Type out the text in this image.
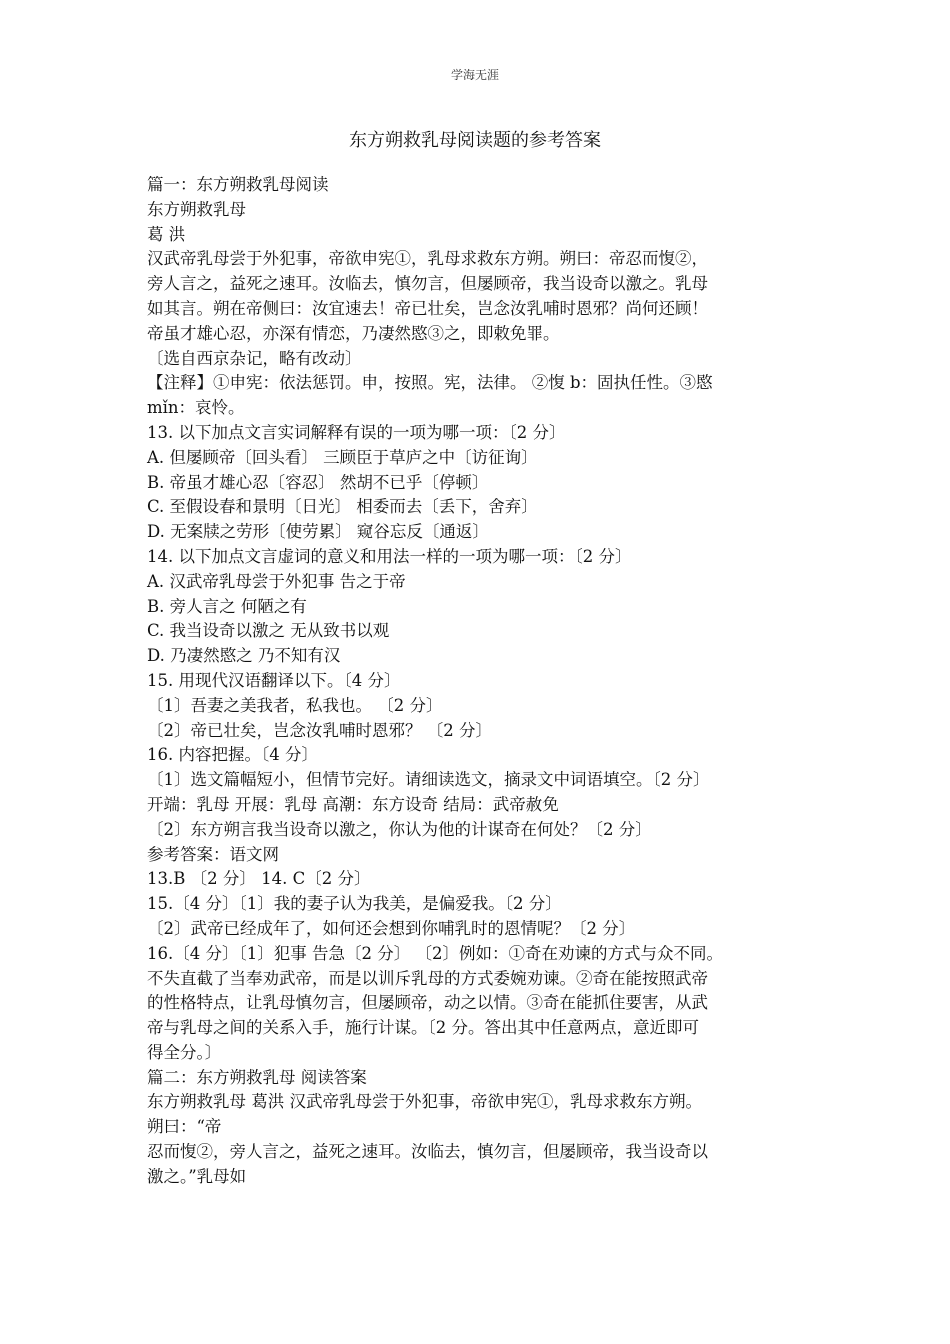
学海无涯
东方朔救乳母阅读题的参考答案
篇一：东方朔救乳母阅读
东方朔救乳母
葛 洪
汉武帝乳母尝于外犯事，帝欲申宪①，乳母求救东方朔。朔曰：帝忍而愎②，
旁人言之，益死之速耳。汝临去，慎勿言，但屡顾帝，我当设奇以激之。乳母
如其言。朔在帝侧曰：汝宜速去！帝已壮矣，岂念汝乳哺时恩邪？尚何还顾！
帝虽才雄心忍，亦深有情恋，乃凄然愍③之，即敕免罪。
〔选自西京杂记，略有改动〕
【注释】①申宪：依法惩罚。申，按照。宪，法律。 ②愎 b：固执任性。③愍
mǐn：哀怜。
13. 以下加点文言实词解释有误的一项为哪一项：〔2 分〕
A. 但屡顾帝〔回头看〕 三顾臣于草庐之中〔访征询〕
B. 帝虽才雄心忍〔容忍〕 然胡不已乎〔停顿〕
C. 至假设春和景明〔日光〕 相委而去〔丢下，舍弃〕
D. 无案牍之劳形〔使劳累〕 窥谷忘反〔通返〕
14. 以下加点文言虚词的意义和用法一样的一项为哪一项：〔2 分〕
A. 汉武帝乳母尝于外犯事 告之于帝
B. 旁人言之 何陋之有
C. 我当设奇以激之 无从致书以观
D. 乃凄然愍之 乃不知有汉
15. 用现代汉语翻译以下。〔4 分〕
〔1〕吾妻之美我者，私我也。 〔2 分〕
〔2〕帝已壮矣，岂念汝乳哺时恩邪？ 〔2 分〕
16. 内容把握。〔4 分〕
〔1〕选文篇幅短小，但情节完好。请细读选文，摘录文中词语填空。〔2 分〕
开端：乳母 开展：乳母 高潮：东方设奇 结局：武帝赦免
〔2〕东方朔言我当设奇以激之，你认为他的计谋奇在何处？〔2 分〕
参考答案：语文网
13.B 〔2 分〕 14. C〔2 分〕
15.〔4 分〕〔1〕我的妻子认为我美，是偏爱我。〔2 分〕
〔2〕武帝已经成年了，如何还会想到你哺乳时的恩情呢？〔2 分〕
16.〔4 分〕〔1〕犯事 告急〔2 分〕 〔2〕例如：①奇在劝谏的方式与众不同。
不失直截了当奉劝武帝，而是以训斥乳母的方式委婉劝谏。②奇在能按照武帝
的性格特点，让乳母慎勿言，但屡顾帝，动之以情。③奇在能抓住要害，从武
帝与乳母之间的关系入手，施行计谋。〔2 分。答出其中任意两点，意近即可
得全分。〕
篇二：东方朔救乳母 阅读答案
东方朔救乳母 葛洪 汉武帝乳母尝于外犯事，帝欲申宪①，乳母求救东方朔。
朔曰：“帝
忍而愎②，旁人言之，益死之速耳。汝临去，慎勿言，但屡顾帝，我当设奇以
激之。”乳母如
